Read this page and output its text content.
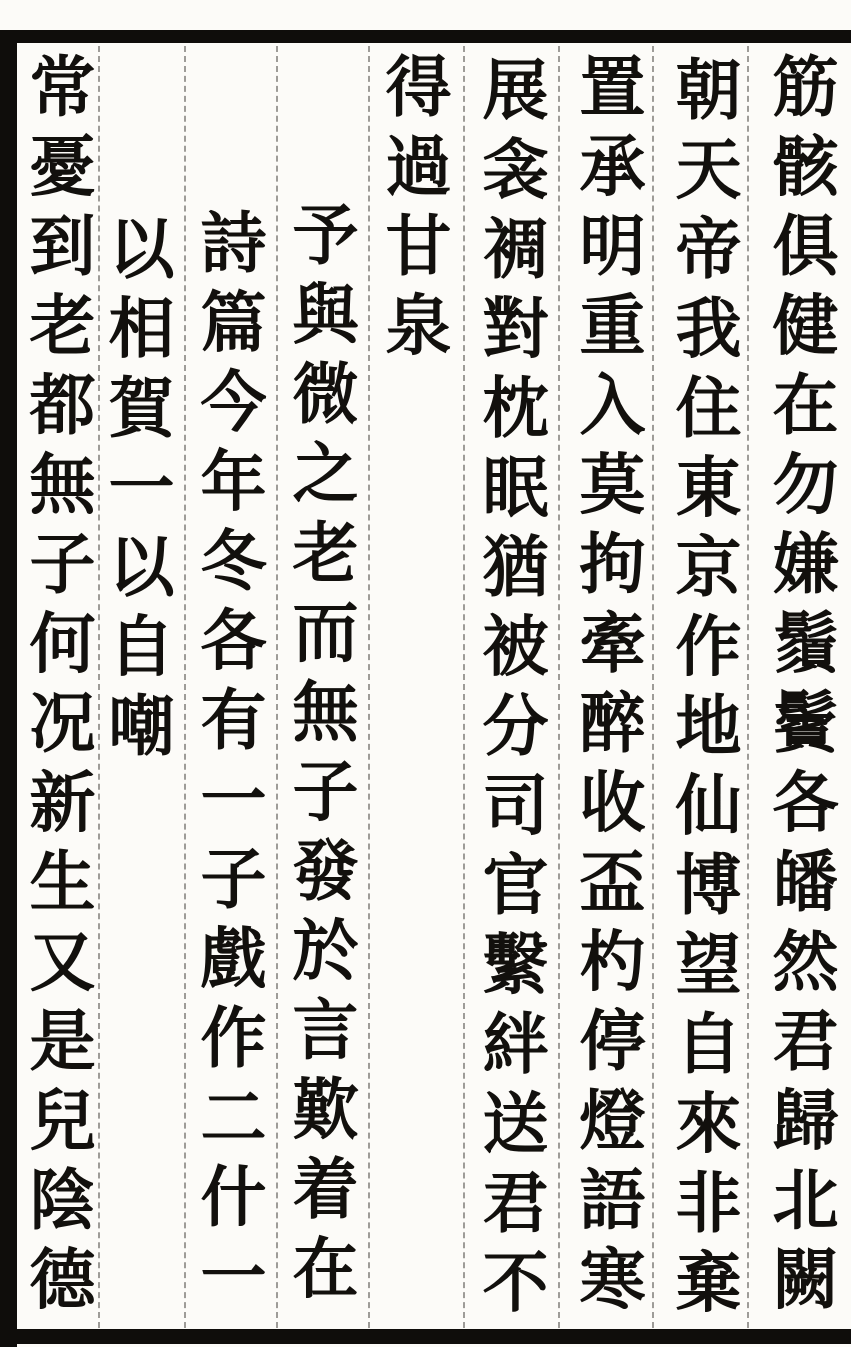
筋骸俱健在勿嫌鬚鬢各皤然君歸北闕
朝天帝我住東京作地仙博望自來非棄
置承明重入莫拘牽醉收盃杓停燈語寒
展衾裯對枕眠猶被分司官繫絆送君不
得過甘泉
予與微之老而無子發於言歎着在
詩篇今年冬各有一子戲作二什一
以相賀一以自嘲
常憂到老都無子何况新生又是兒陰德
